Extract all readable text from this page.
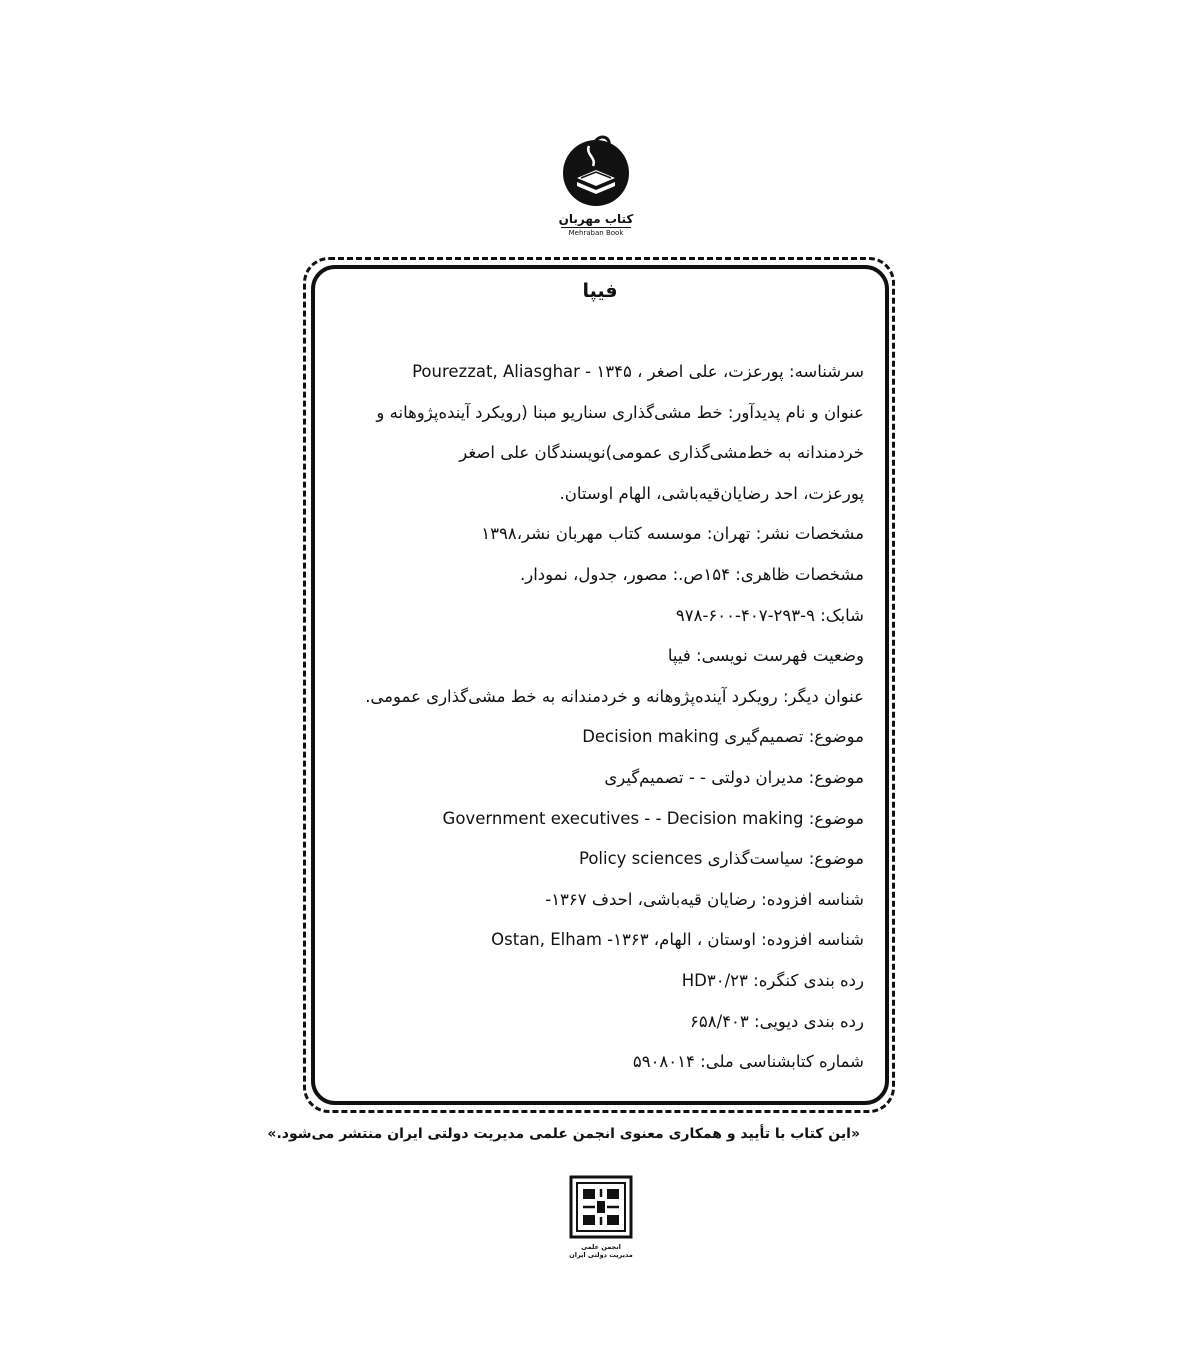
کتاب مهربان
Mehraban Book
فیپا
سرشناسه: پورعزت، علی اصغر ، ۱۳۴۵ - Pourezzat, Aliasghar
عنوان و نام پدیدآور: خط مشی‌گذاری سناریو مبنا (رویکرد آینده‌پژوهانه و
خردمندانه به خط‌مشی‌گذاری عمومی)نویسندگان علی اصغر
پورعزت، احد رضایان‌قیه‌باشی، الهام اوستان.
مشخصات نشر: تهران: موسسه کتاب مهربان نشر،۱۳۹۸
مشخصات ظاهری: ۱۵۴ص.: مصور، جدول، نمودار.
شابک: ۹-۲۹۳-۴۰۷-۶۰۰-۹۷۸
وضعیت فهرست نویسی: فیپا
عنوان دیگر: رویکرد آینده‌پژوهانه و خردمندانه به خط مشی‌گذاری عمومی.
موضوع: تصمیم‌گیری Decision making
موضوع: مدیران دولتی - - تصمیم‌گیری
موضوع: Government executives - - Decision making
موضوع: سیاست‌گذاری Policy sciences
شناسه افزوده: رضایان قیه‌باشی، احدف ۱۳۶۷-
شناسه افزوده: اوستان ، الهام، ۱۳۶۳- Ostan, Elham
رده بندی کنگره: HD۳۰/۲۳
رده بندی دیویی: ۶۵۸/۴۰۳
شماره کتابشناسی ملی: ۵۹۰۸۰۱۴
«این کتاب با تأیید و همکاری معنوی انجمن علمی مدیریت دولتی ایران منتشر می‌شود.»
انجمن علمی
مدیریت دولتی ایران
